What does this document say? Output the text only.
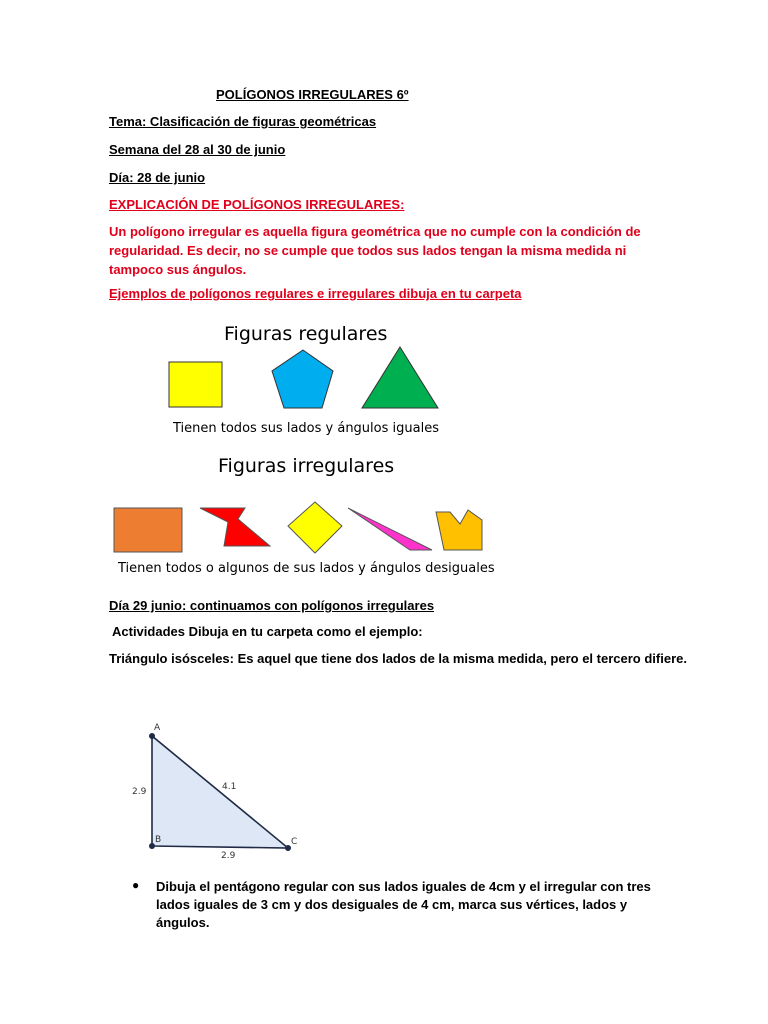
POLÍGONOS IRREGULARES 6º
Tema: Clasificación de figuras geométricas
Semana del 28 al 30 de junio
Día: 28 de junio
EXPLICACIÓN DE POLÍGONOS IRREGULARES:
Un polígono irregular es aquella figura geométrica que no cumple con la condición de regularidad. Es decir, no se cumple que todos sus lados tengan la misma medida ni tampoco sus ángulos.
Ejemplos de polígonos regulares e irregulares dibuja en tu carpeta
Figuras regulares
Tienen todos sus lados y ángulos iguales
Figuras irregulares
Tienen todos o algunos de sus lados y ángulos desiguales
Día 29 junio: continuamos con polígonos irregulares
Actividades Dibuja en tu carpeta como el ejemplo:
Triángulo isósceles: Es aquel que tiene dos lados de la misma medida, pero el tercero difiere.
A
B	C
2.9
2.9
4.1
● Dibuja el pentágono regular con sus lados iguales de 4cm y el irregular con tres lados iguales de 3 cm y dos desiguales de 4 cm, marca sus vértices, lados y ángulos.
